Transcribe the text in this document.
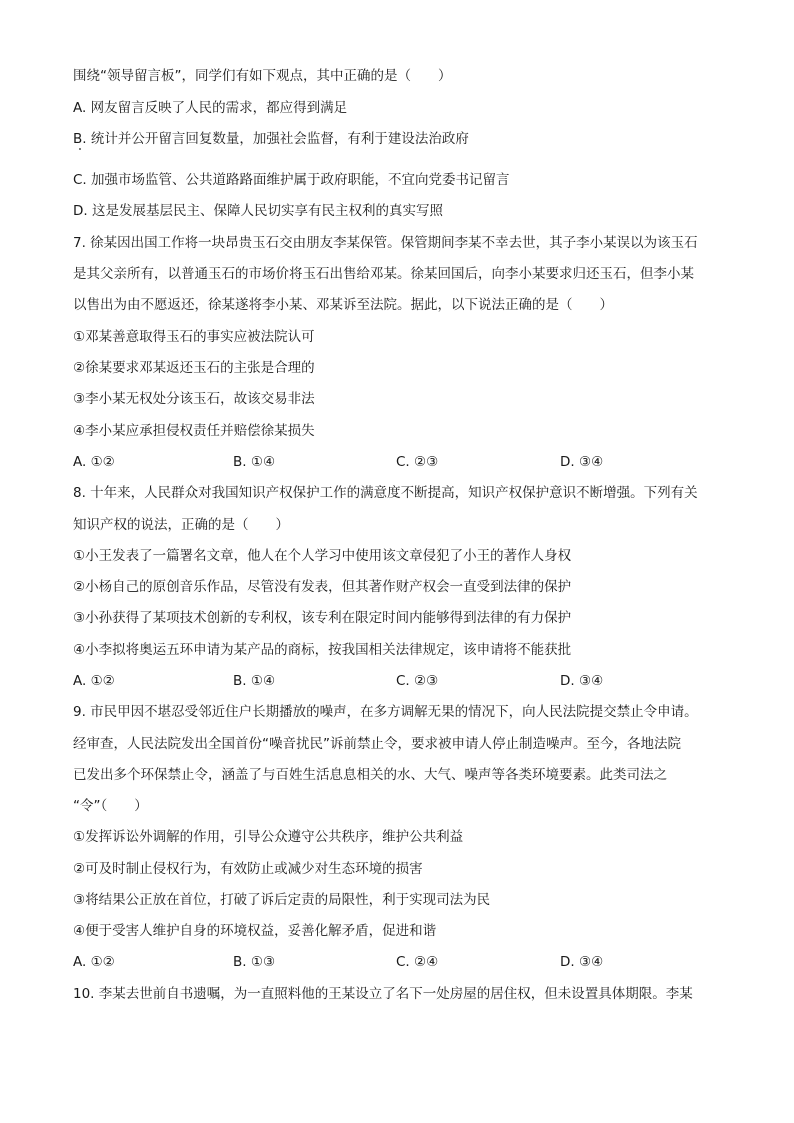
围绕“领导留言板”，同学们有如下观点，其中正确的是（　　）
A. 网友留言反映了人民的需求，都应得到满足
B. 统计并公开留言回复数量，加强社会监督，有利于建设法治政府
C. 加强市场监管、公共道路路面维护属于政府职能，不宜向党委书记留言
D. 这是发展基层民主、保障人民切实享有民主权利的真实写照
7. 徐某因出国工作将一块昂贵玉石交由朋友李某保管。保管期间李某不幸去世，其子李小某误以为该玉石
是其父亲所有，以普通玉石的市场价将玉石出售给邓某。徐某回国后，向李小某要求归还玉石，但李小某
以售出为由不愿返还，徐某遂将李小某、邓某诉至法院。据此，以下说法正确的是（　　）
①邓某善意取得玉石的事实应被法院认可
②徐某要求邓某返还玉石的主张是合理的
③李小某无权处分该玉石，故该交易非法
④李小某应承担侵权责任并赔偿徐某损失
A. ①②	B. ①④	C. ②③	D. ③④
8. 十年来，人民群众对我国知识产权保护工作的满意度不断提高，知识产权保护意识不断增强。下列有关
知识产权的说法，正确的是（　　）
①小王发表了一篇署名文章，他人在个人学习中使用该文章侵犯了小王的著作人身权
②小杨自己的原创音乐作品，尽管没有发表，但其著作财产权会一直受到法律的保护
③小孙获得了某项技术创新的专利权，该专利在限定时间内能够得到法律的有力保护
④小李拟将奥运五环申请为某产品的商标，按我国相关法律规定，该申请将不能获批
A. ①②	B. ①④	C. ②③	D. ③④
9. 市民甲因不堪忍受邻近住户长期播放的噪声，在多方调解无果的情况下，向人民法院提交禁止令申请。
经审查，人民法院发出全国首份“噪音扰民”诉前禁止令，要求被申请人停止制造噪声。至今，各地法院
已发出多个环保禁止令，涵盖了与百姓生活息息相关的水、大气、噪声等各类环境要素。此类司法之
“令”（　　）
①发挥诉讼外调解的作用，引导公众遵守公共秩序，维护公共利益
②可及时制止侵权行为，有效防止或减少对生态环境的损害
③将结果公正放在首位，打破了诉后定责的局限性，利于实现司法为民
④便于受害人维护自身的环境权益，妥善化解矛盾，促进和谐
A. ①②	B. ①③	C. ②④	D. ③④
10. 李某去世前自书遗嘱，为一直照料他的王某设立了名下一处房屋的居住权，但未设置具体期限。李某
